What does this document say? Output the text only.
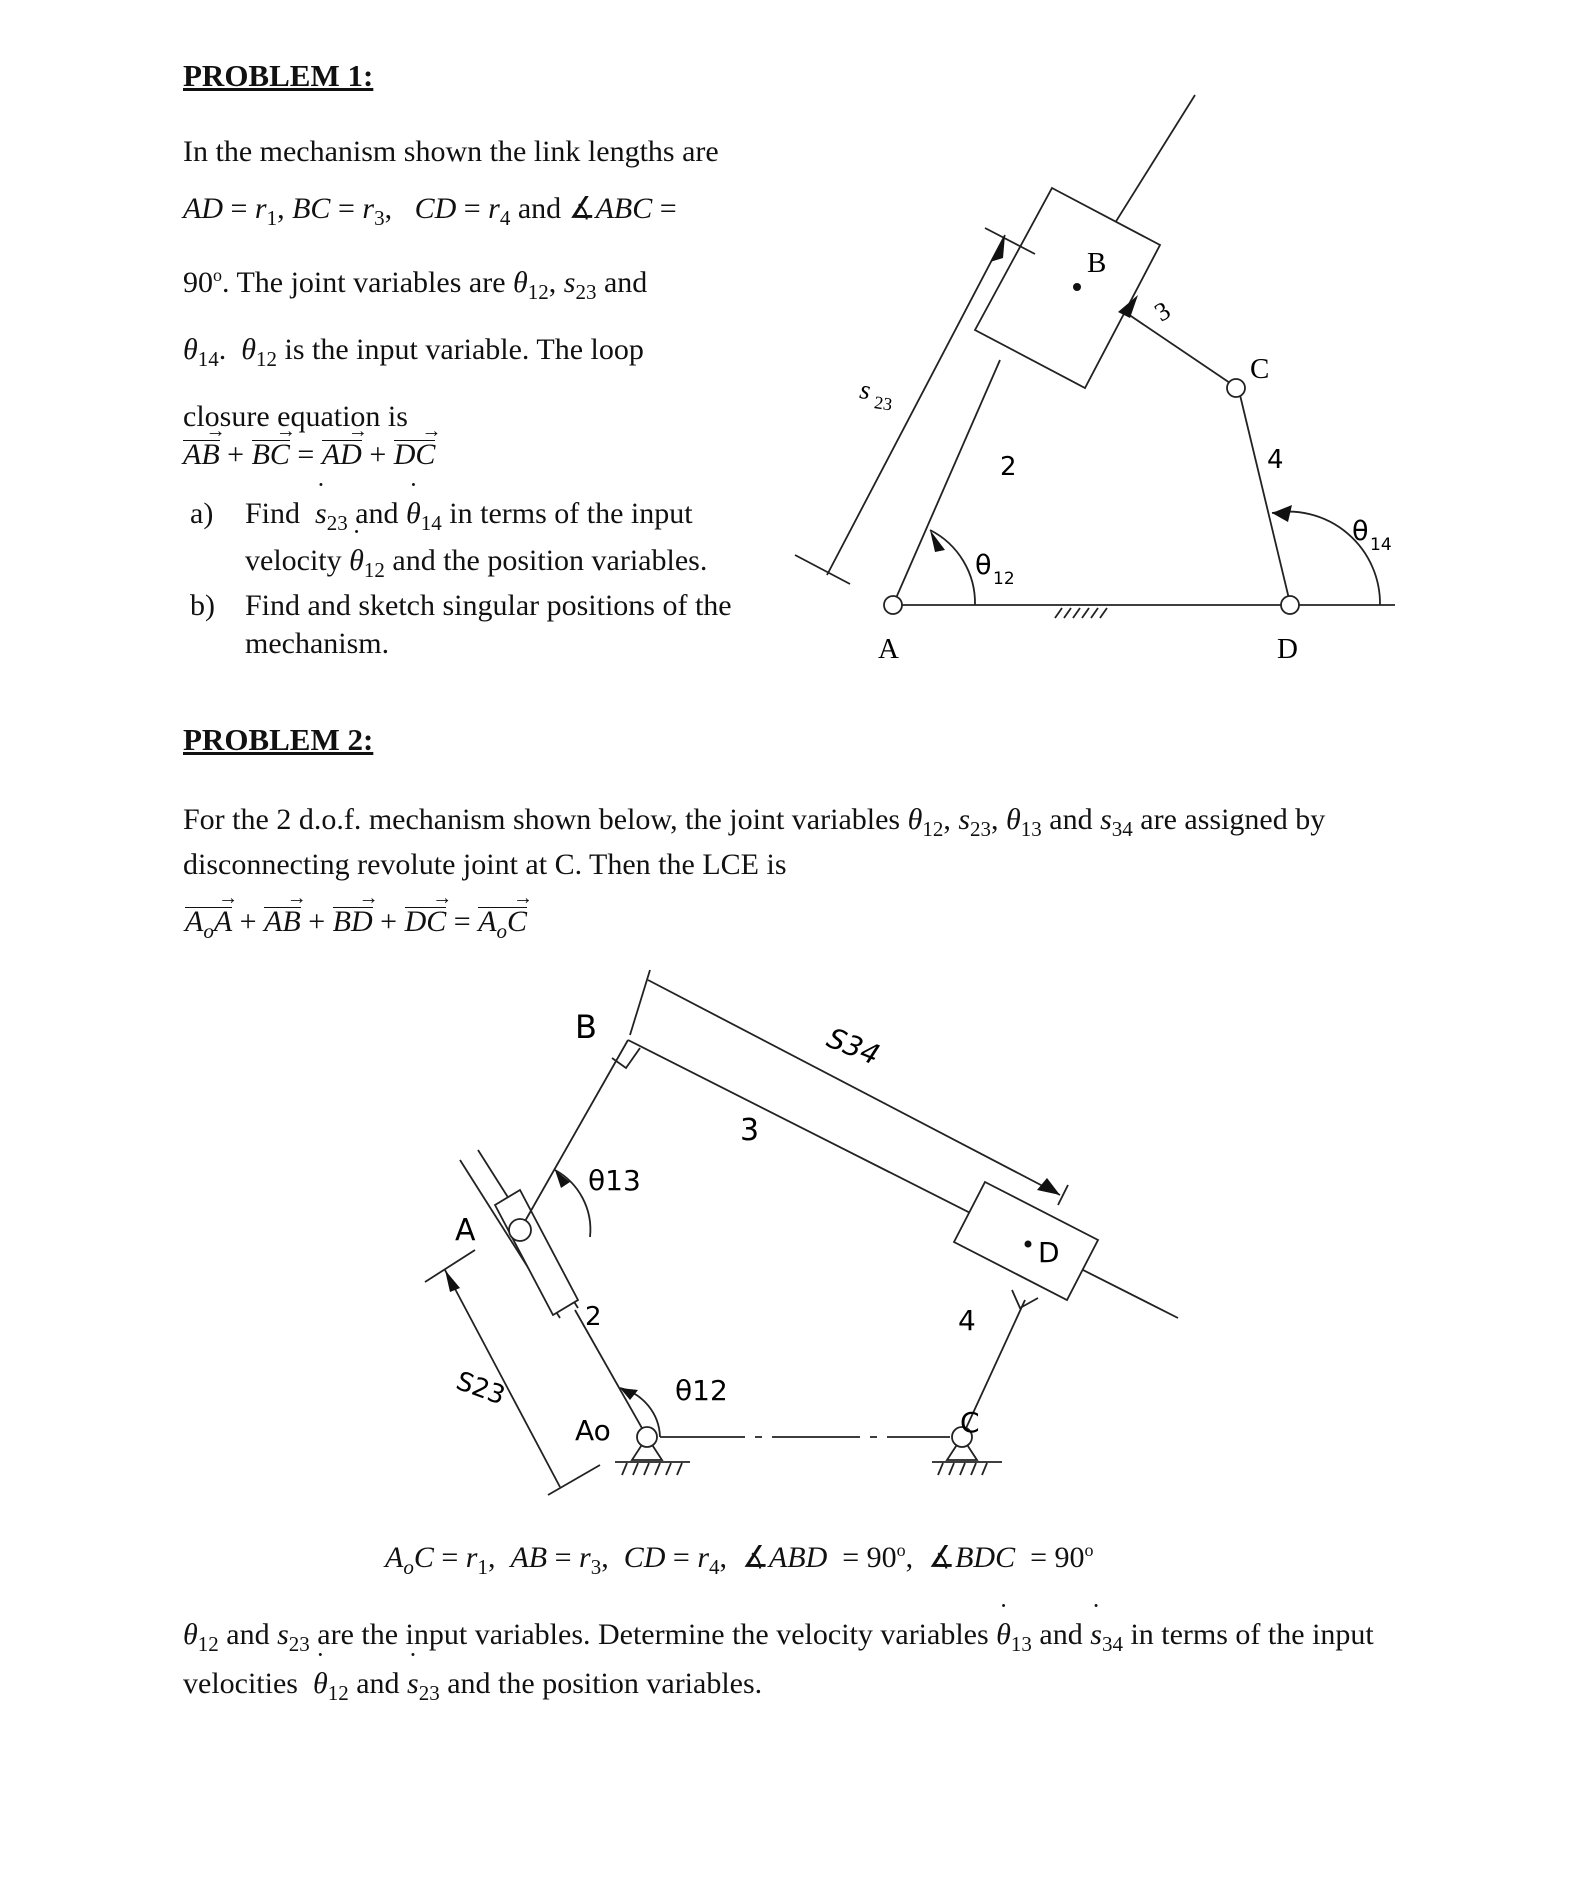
PROBLEM 1:
In the mechanism shown the link lengths are
AD = $r_1$, BC = $r_3$,   CD = $r_4$ and ∡ABC =
$90^o$. The joint variables are $\theta_{12}$, $s_{23}$ and
$\theta_{14}$.  $\theta_{12}$ is the input variable. The loop
closure equation is
AB → + BC → = AD → + DC →
a) Find  ˙ $s_{23}$ and ˙ $\theta_{14}$ in terms of the input velocity ˙ $\theta_{12}$ and the position variables.
b) Find and sketch singular positions of the mechanism.
B
3
C
s 23
2	4
θ 14
θ 12
A	D
PROBLEM 2:
For the 2 d.o.f. mechanism shown below, the joint variables $\theta_{12}$, $s_{23}$, $\theta_{13}$ and $s_{34}$ are assigned by disconnecting revolute joint at C. Then the LCE is
$A_oA$ → + AB → + BD → + DC → = $A_oC$ →
B	S34
3
θ13
A
D
2	4
S23	θ12
Ao	C
$A_oC = r_1$,  AB = $r_3$,  CD = $r_4$,  ∡ABD  = $90^o$,  ∡BDC  = $90^o$
$\theta_{12}$ and $s_{23}$ are the input variables. Determine the velocity variables ˙ $\theta_{13}$ and ˙ $s_{34}$ in terms of the input velocities  ˙ $\theta_{12}$ and ˙ $s_{23}$ and the position variables.
